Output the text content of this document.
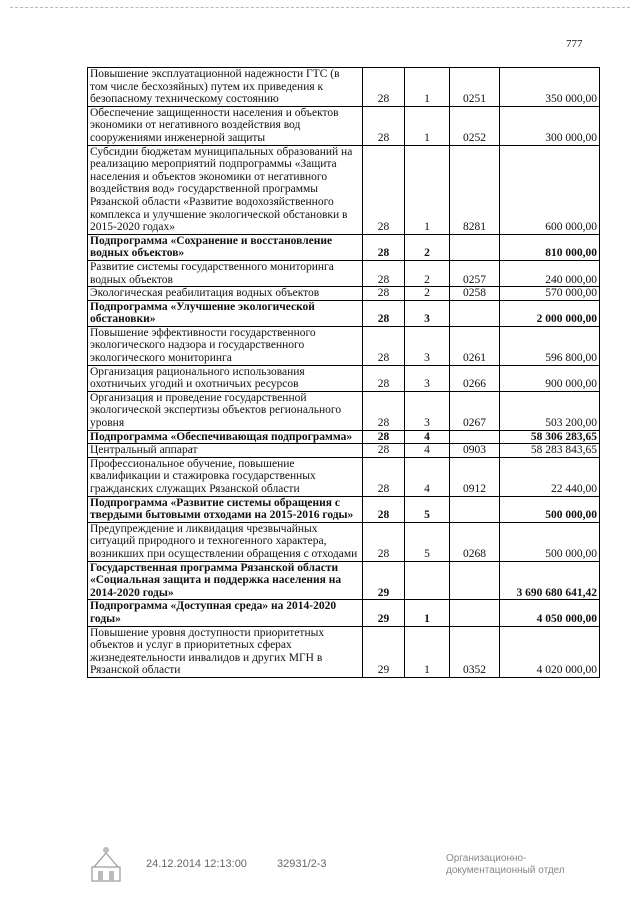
777
Повышение эксплуатационной надежности ГТС (в том числе бесхозяйных) путем их приведения к безопасному техническому состоянию	28	1	0251	350 000,00
Обеспечение защищенности населения и объектов экономики от негативного воздействия вод сооружениями инженерной защиты	28	1	0252	300 000,00
Субсидии бюджетам муниципальных образований на реализацию мероприятий подпрограммы «Защита населения и объектов экономики от негативного воздействия вод» государственной программы Рязанской области «Развитие водохозяйственного комплекса и улучшение экологической обстановки в 2015-2020 годах»	28	1	8281	600 000,00
Подпрограмма «Сохранение и восстановление водных объектов»	28	2		810 000,00
Развитие системы государственного мониторинга водных объектов	28	2	0257	240 000,00
Экологическая реабилитация водных объектов	28	2	0258	570 000,00
Подпрограмма «Улучшение экологической обстановки»	28	3		2 000 000,00
Повышение эффективности государственного экологического надзора и государственного экологического мониторинга	28	3	0261	596 800,00
Организация рационального использования охотничьих угодий и охотничьих ресурсов	28	3	0266	900 000,00
Организация и проведение государственной экологической экспертизы объектов регионального уровня	28	3	0267	503 200,00
Подпрограмма «Обеспечивающая подпрограмма»	28	4		58 306 283,65
Центральный аппарат	28	4	0903	58 283 843,65
Профессиональное обучение, повышение квалификации и стажировка государственных гражданских служащих Рязанской области	28	4	0912	22 440,00
Подпрограмма «Развитие системы обращения с твердыми бытовыми отходами на 2015-2016 годы»	28	5		500 000,00
Предупреждение и ликвидация чрезвычайных ситуаций природного и техногенного характера, возникших при осуществлении обращения с отходами	28	5	0268	500 000,00
Государственная программа Рязанской области «Социальная защита и поддержка населения на 2014-2020 годы»	29			3 690 680 641,42
Подпрограмма «Доступная среда» на 2014-2020 годы»	29	1		4 050 000,00
Повышение уровня доступности приоритетных объектов и услуг в приоритетных сферах жизнедеятельности инвалидов и других МГН в Рязанской области	29	1	0352	4 020 000,00
24.12.2014 12:13:00	32931/2-3	Организационно-
документационный отдел
